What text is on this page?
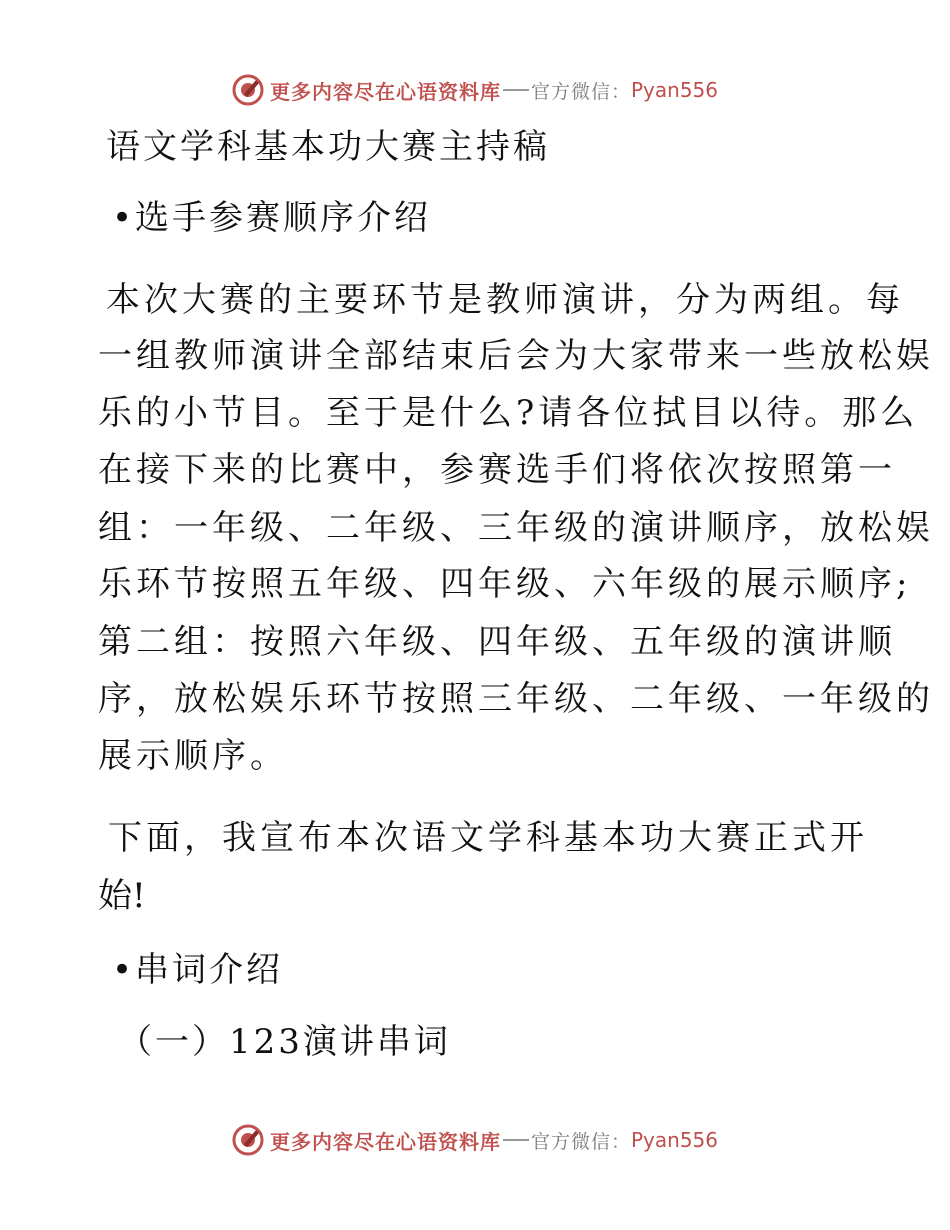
更多内容尽在心语资料库 官方微信： Pyan556
语文学科基本功大赛主持稿
•选手参赛顺序介绍
本次大赛的主要环节是教师演讲，分为两组。每
一组教师演讲全部结束后会为大家带来一些放松娱
乐的小节目。至于是什么?请各位拭目以待。那么
在接下来的比赛中，参赛选手们将依次按照第一
组：一年级、二年级、三年级的演讲顺序，放松娱
乐环节按照五年级、四年级、六年级的展示顺序;
第二组：按照六年级、四年级、五年级的演讲顺
序，放松娱乐环节按照三年级、二年级、一年级的
展示顺序。
下面，我宣布本次语文学科基本功大赛正式开
始!
•串词介绍
（一）123演讲串词
更多内容尽在心语资料库 官方微信： Pyan556
